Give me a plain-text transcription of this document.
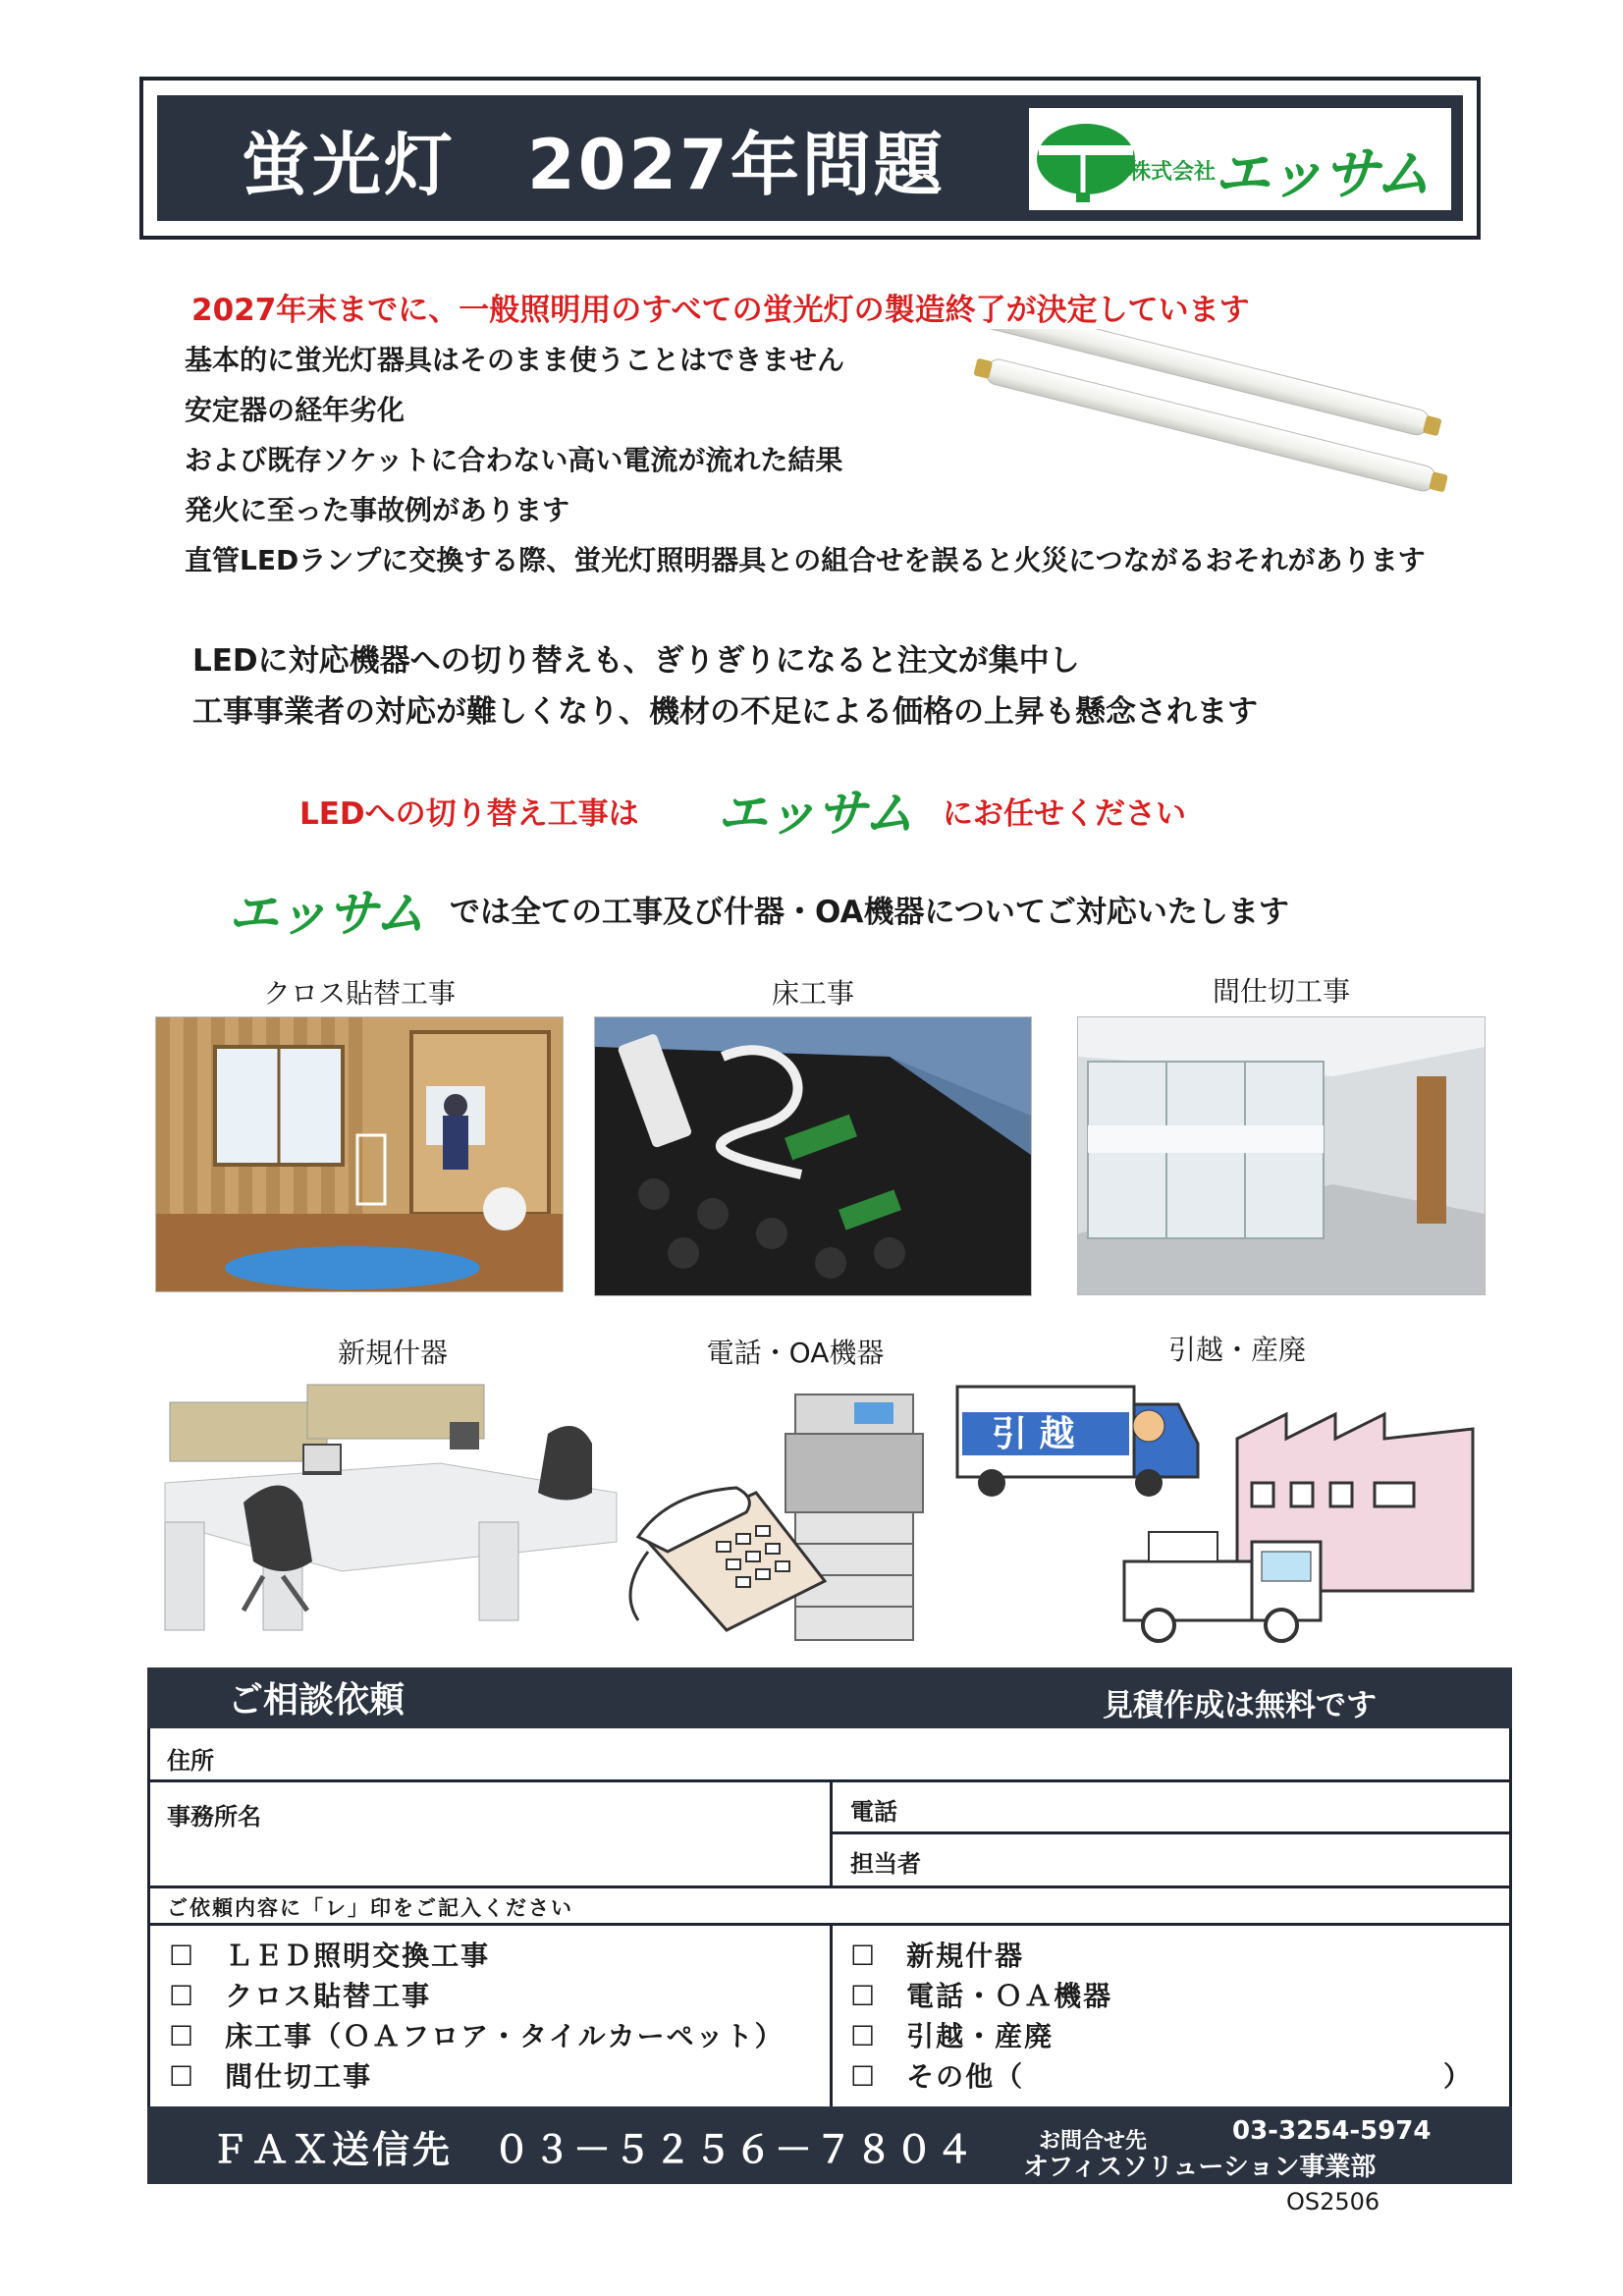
蛍光灯　2027年問題	株式会社
エッサム
2027年末までに、一般照明用のすべての蛍光灯の製造終了が決定しています
基本的に蛍光灯器具はそのまま使うことはできません
安定器の経年劣化
および既存ソケットに合わない高い電流が流れた結果
発火に至った事故例があります
直管LEDランプに交換する際、蛍光灯照明器具との組合せを誤ると火災につながるおそれがあります
LEDに対応機器への切り替えも、ぎりぎりになると注文が集中し
工事事業者の対応が難しくなり、機材の不足による価格の上昇も懸念されます
LEDへの切り替え工事は エッサム にお任せください
エッサム では全ての工事及び什器・OA機器についてご対応いたします
クロス貼替工事	床工事	間仕切工事
新規什器	電話・OA機器	引越・産廃
引 越
ご相談依頼	見積作成は無料です
住所
事務所名	電話
担当者
ご依頼内容に「レ」印をご記入ください
☐　 ＬＥＤ照明交換工事
☐　 クロス貼替工事
☐　 床工事（ＯＡフロア・タイルカーペット）
☐　 間仕切工事
☐　 新規什器
☐　 電話・ＯＡ機器
☐　 引越・産廃
☐　 その他（	）
ＦＡＸ送信先　０３－５２５６－７８０４	お問合せ先	03-3254-5974
オフィスソリューション事業部
OS2506
